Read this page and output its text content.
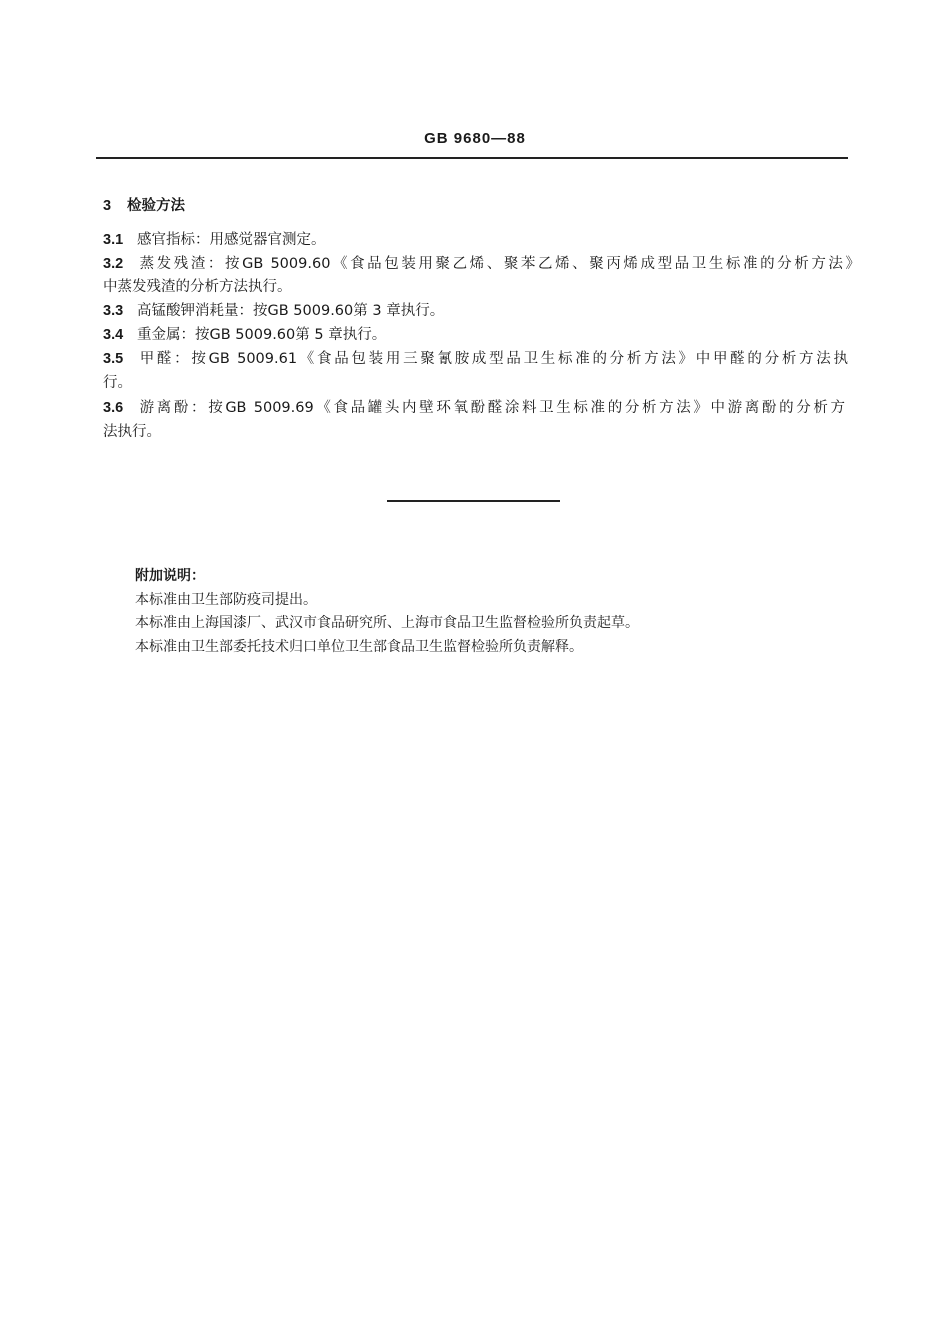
GB 9680—88
3 检验方法
3.1 感官指标：用感觉器官测定。
3.2 蒸发残渣：按GB 5009.60《食品包装用聚乙烯、聚苯乙烯、聚丙烯成型品卫生标准的分析方法》
中蒸发残渣的分析方法执行。
3.3 高锰酸钾消耗量：按GB 5009.60第 3 章执行。
3.4 重金属：按GB 5009.60第 5 章执行。
3.5 甲醛：按GB 5009.61《食品包装用三聚氰胺成型品卫生标准的分析方法》中甲醛的分析方法执
行。
3.6 游离酚：按GB 5009.69《食品罐头内壁环氧酚醛涂料卫生标准的分析方法》中游离酚的分析方
法执行。
附加说明：
本标准由卫生部防疫司提出。
本标准由上海国漆厂、武汉市食品研究所、上海市食品卫生监督检验所负责起草。
本标准由卫生部委托技术归口单位卫生部食品卫生监督检验所负责解释。
